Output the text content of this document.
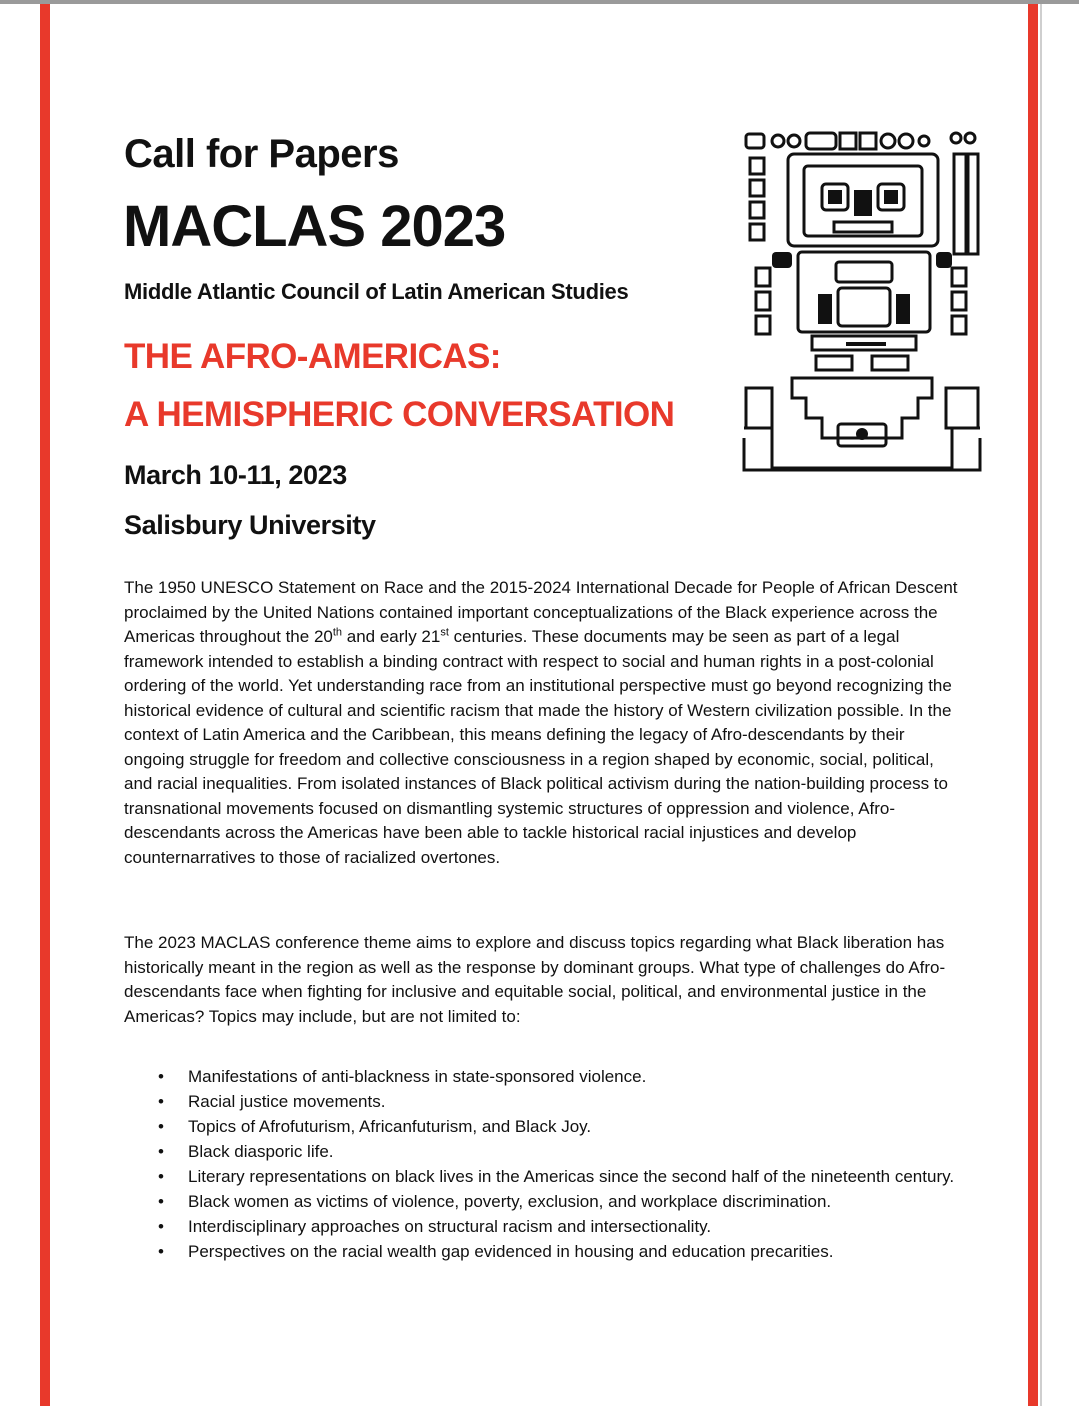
Call for Papers
MACLAS 2023
Middle Atlantic Council of Latin American Studies
THE AFRO-AMERICAS:
A HEMISPHERIC CONVERSATION
March 10-11, 2023
Salisbury University
The 1950 UNESCO Statement on Race and the 2015-2024 International Decade for People of African Descent proclaimed by the United Nations contained important conceptualizations of the Black experience across the Americas throughout the 20th and early 21st centuries. These documents may be seen as part of a legal framework intended to establish a binding contract with respect to social and human rights in a post-colonial ordering of the world. Yet understanding race from an institutional perspective must go beyond recognizing the historical evidence of cultural and scientific racism that made the history of Western civilization possible. In the context of Latin America and the Caribbean, this means defining the legacy of Afro-descendants by their ongoing struggle for freedom and collective consciousness in a region shaped by economic, social, political, and racial inequalities. From isolated instances of Black political activism during the nation-building process to transnational movements focused on dismantling systemic structures of oppression and violence, Afro-descendants across the Americas have been able to tackle historical racial injustices and develop counternarratives to those of racialized overtones.
The 2023 MACLAS conference theme aims to explore and discuss topics regarding what Black liberation has historically meant in the region as well as the response by dominant groups. What type of challenges do Afro-descendants face when fighting for inclusive and equitable social, political, and environmental justice in the Americas? Topics may include, but are not limited to:
• Manifestations of anti-blackness in state-sponsored violence.
• Racial justice movements.
• Topics of Afrofuturism, Africanfuturism, and Black Joy.
• Black diasporic life.
• Literary representations on black lives in the Americas since the second half of the nineteenth century.
• Black women as victims of violence, poverty, exclusion, and workplace discrimination.
• Interdisciplinary approaches on structural racism and intersectionality.
• Perspectives on the racial wealth gap evidenced in housing and education precarities.
